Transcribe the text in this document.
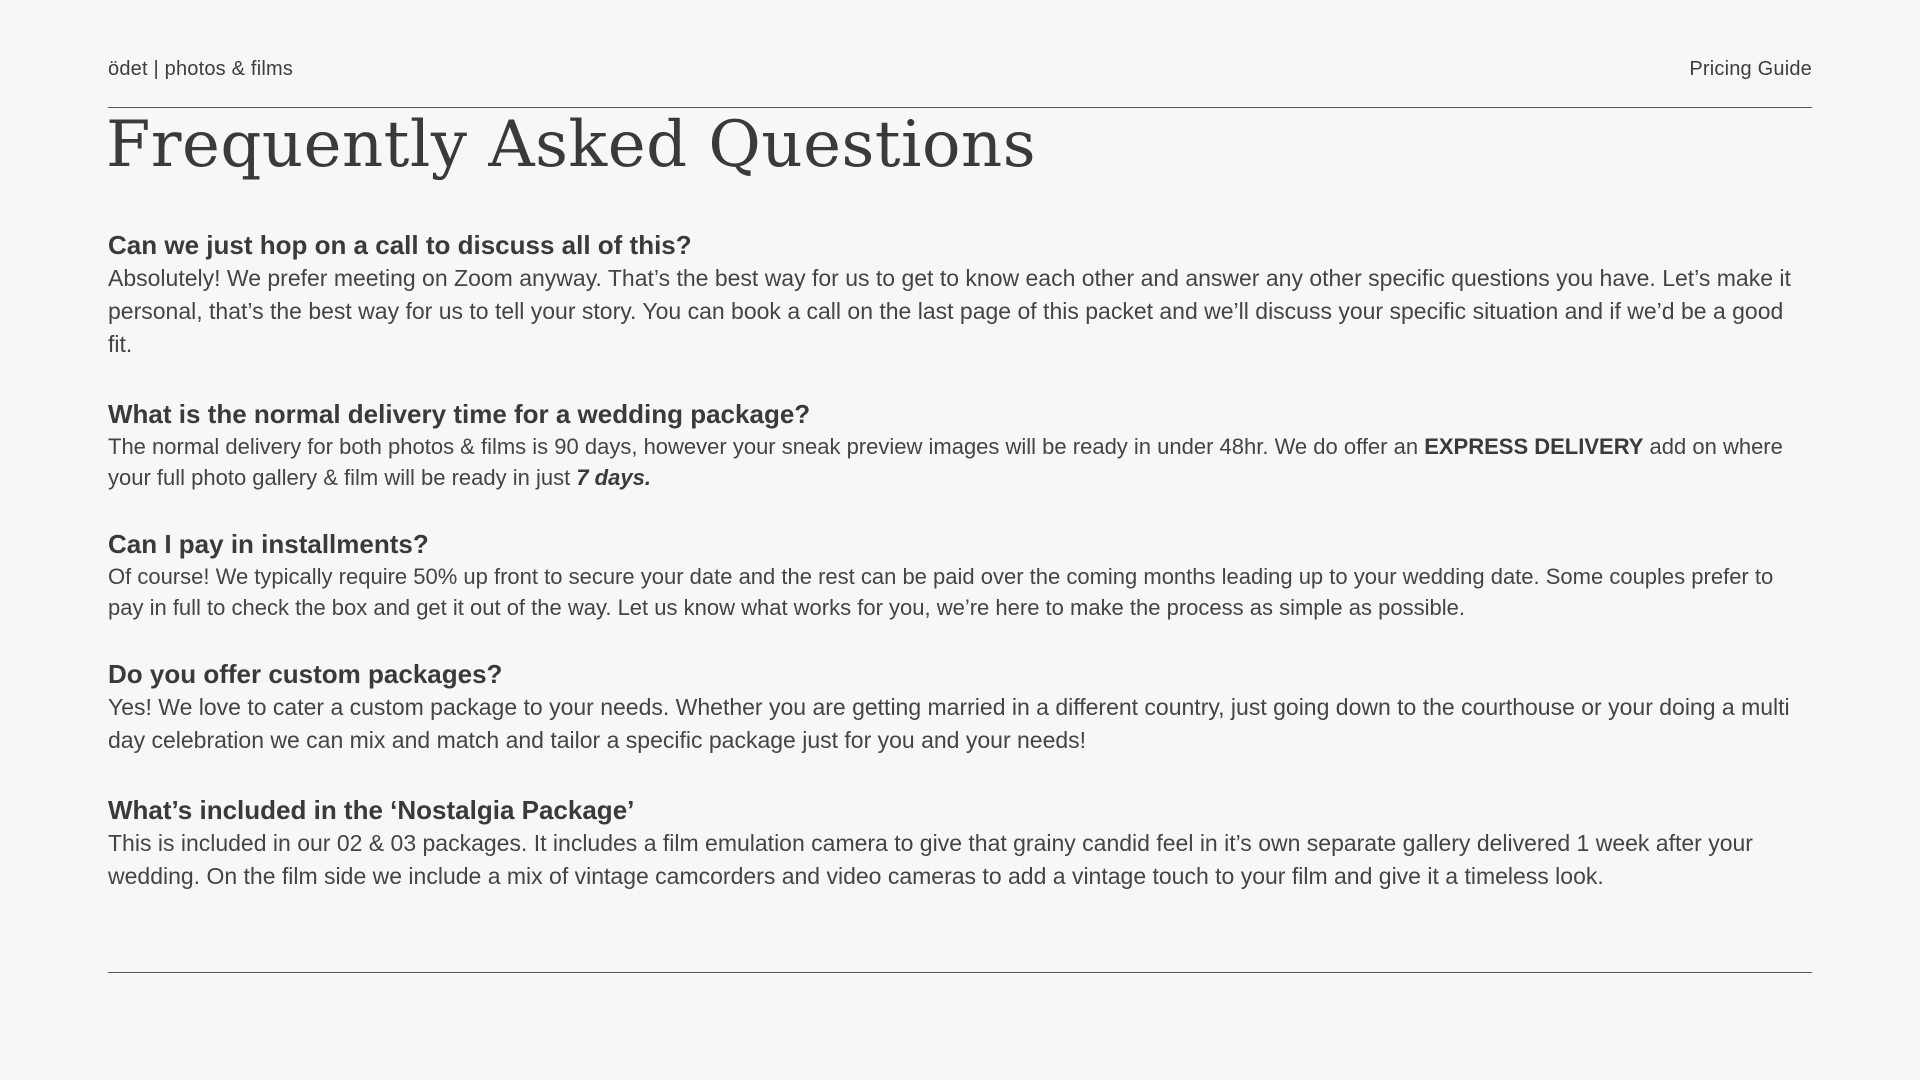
ödet | photos & films	Pricing Guide
Frequently Asked Questions
Can we just hop on a call to discuss all of this?

Absolutely! We prefer meeting on Zoom anyway. That’s the best way for us to get to know each other and answer any other specific questions you have. Let’s make it personal, that’s the best way for us to tell your story. You can book a call on the last page of this packet and we’ll discuss your specific situation and if we’d be a good fit.

What is the normal delivery time for a wedding package?

The normal delivery for both photos & films is 90 days, however your sneak preview images will be ready in under 48hr. We do offer an EXPRESS DELIVERY add on where your full photo gallery & film will be ready in just 7 days.

Can I pay in installments?

Of course! We typically require 50% up front to secure your date and the rest can be paid over the coming months leading up to your wedding date. Some couples prefer to pay in full to check the box and get it out of the way. Let us know what works for you, we’re here to make the process as simple as possible.

Do you offer custom packages?

Yes! We love to cater a custom package to your needs. Whether you are getting married in a different country, just going down to the courthouse or your doing a multi day celebration we can mix and match and tailor a specific package just for you and your needs!

What’s included in the ‘Nostalgia Package’

This is included in our 02 & 03 packages. It includes a film emulation camera to give that grainy candid feel in it’s own separate gallery delivered 1 week after your wedding. On the film side we include a mix of vintage camcorders and video cameras to add a vintage touch to your film and give it a timeless look.
